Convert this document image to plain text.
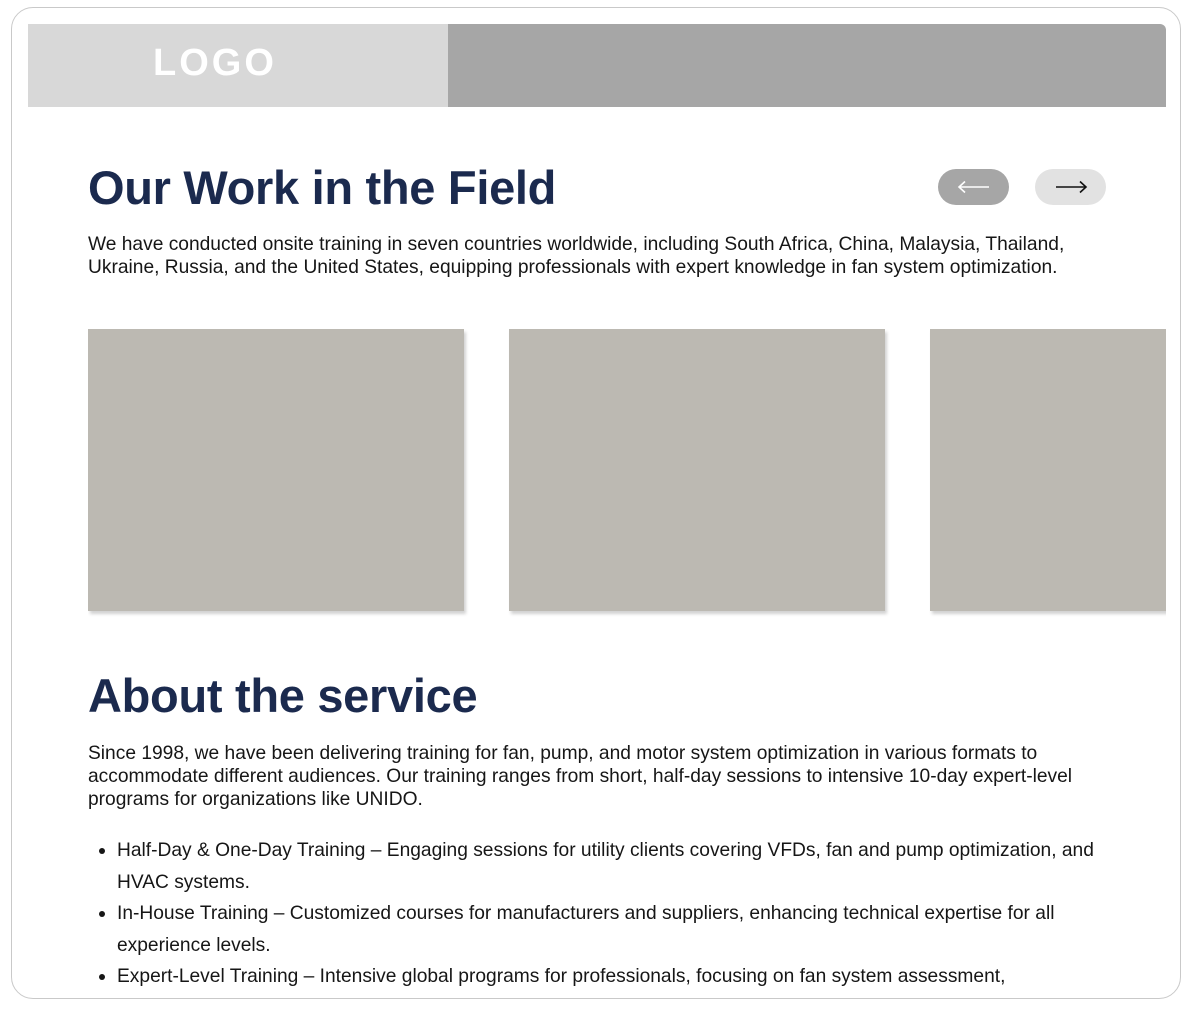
LOGO
Our Work in the Field

We have conducted onsite training in seven countries worldwide, including South Africa, China, Malaysia, Thailand, Ukraine, Russia, and the United States, equipping professionals with expert knowledge in fan system optimization.

About the service

Since 1998, we have been delivering training for fan, pump, and motor system optimization in various formats to accommodate different audiences. Our training ranges from short, half-day sessions to intensive 10-day expert-level programs for organizations like UNIDO.

Half-Day & One-Day Training – Engaging sessions for utility clients covering VFDs, fan and pump optimization, and HVAC systems.
In-House Training – Customized courses for manufacturers and suppliers, enhancing technical expertise for all experience levels.
Expert-Level Training – Intensive global programs for professionals, focusing on fan system assessment,
